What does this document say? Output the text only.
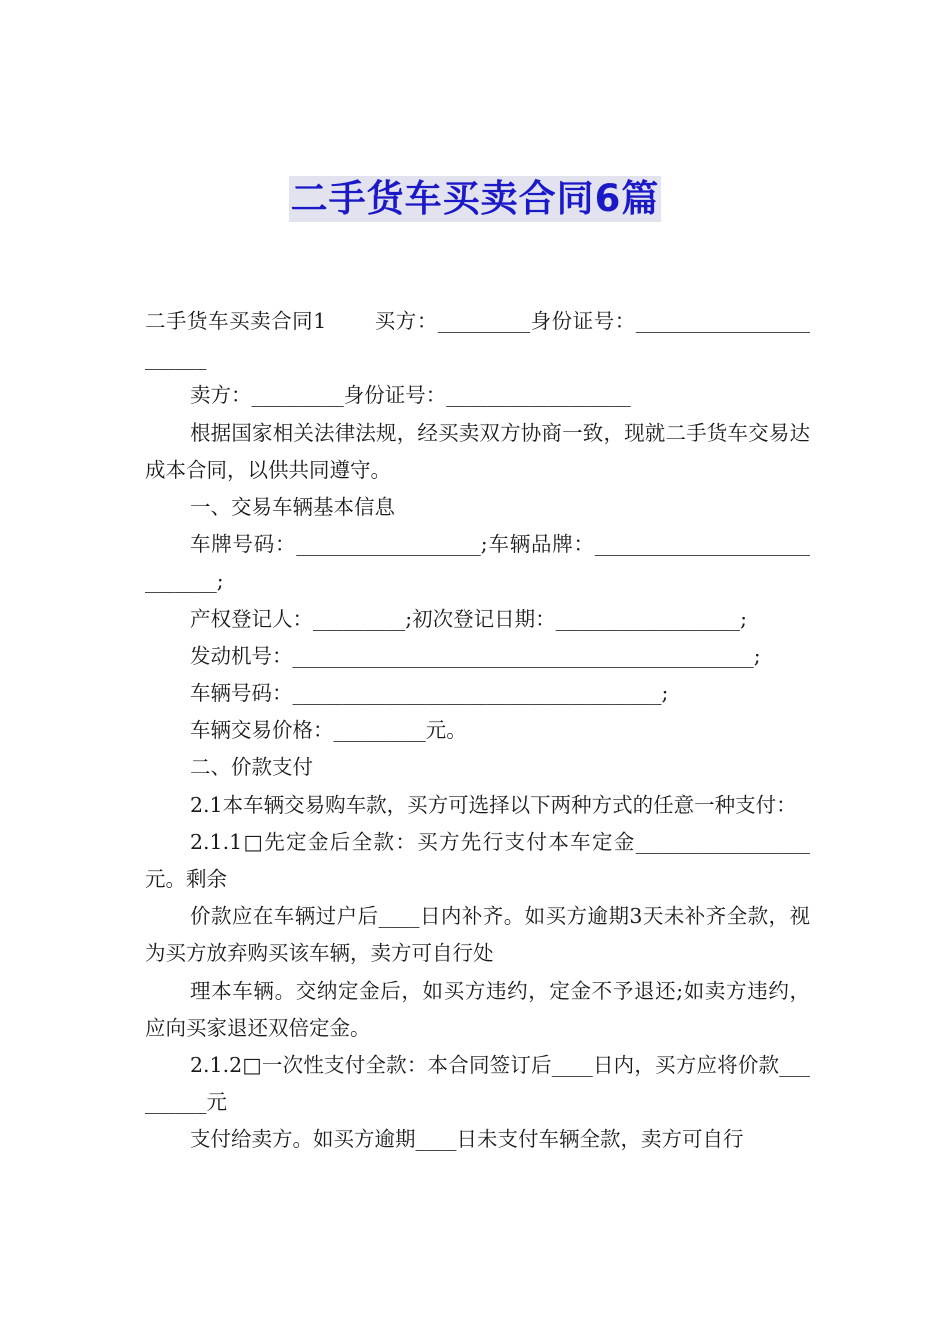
二手货车买卖合同6篇

二手货车买卖合同1 买方：_________身份证号：_______________________

卖方：_________身份证号：__________________

根据国家相关法律法规，经买卖双方协商一致，现就二手货车交易达成本合同，以供共同遵守。

一、交易车辆基本信息

车牌号码：__________________;车辆品牌：____________________________;

产权登记人：_________;初次登记日期：__________________;

发动机号：_____________________________________________;

车辆号码：____________________________________;

车辆交易价格：_________元。

二、价款支付

2.1本车辆交易购车款，买方可选择以下两种方式的任意一种支付：

2.1.1□先定金后全款：买方先行支付本车定金_________________元。剩余

价款应在车辆过户后____日内补齐。如买方逾期3天未补齐全款，视为买方放弃购买该车辆，卖方可自行处

理本车辆。交纳定金后，如买方违约，定金不予退还;如卖方违约，应向买家退还双倍定金。

2.1.2□一次性支付全款：本合同签订后____日内，买方应将价款_________元

支付给卖方。如买方逾期____日未支付车辆全款，卖方可自行
